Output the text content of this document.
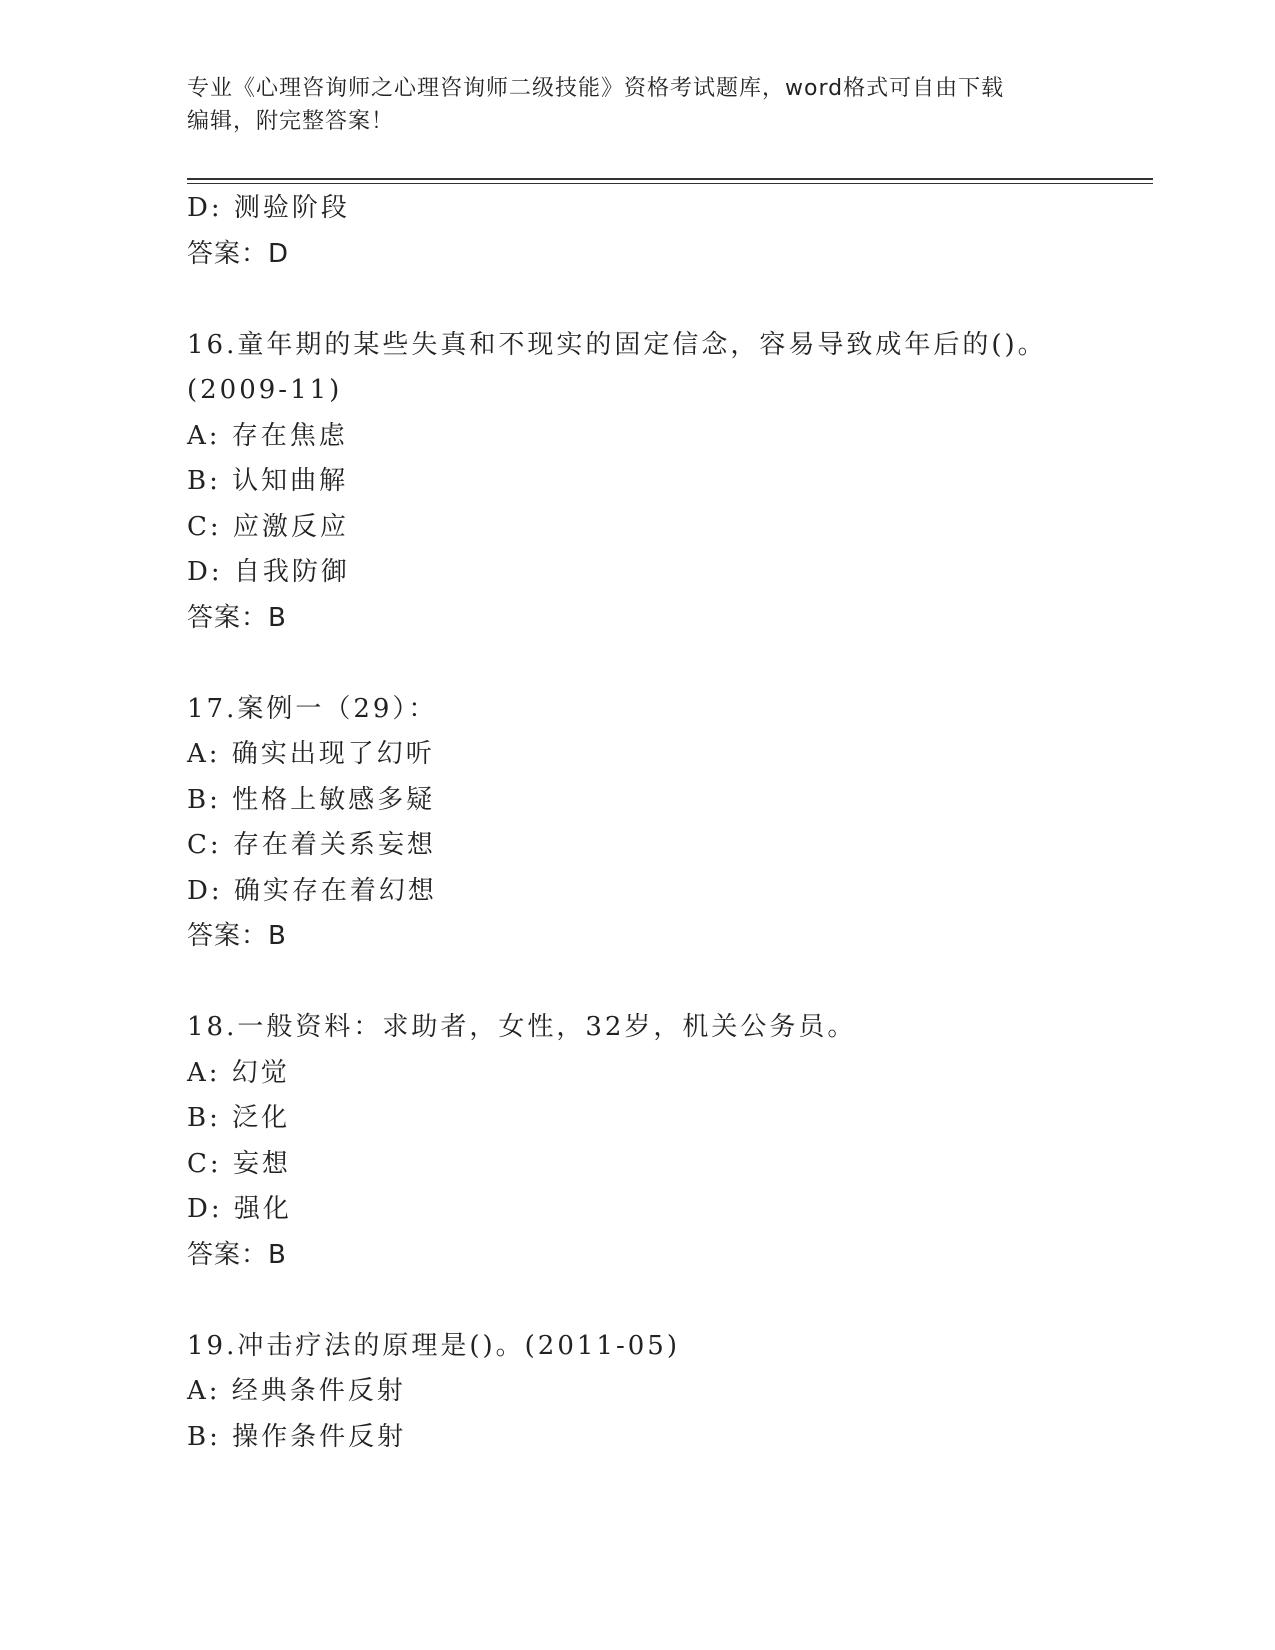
专业《心理咨询师之心理咨询师二级技能》资格考试题库，word格式可自由下载
编辑，附完整答案！
D: 测验阶段
答案：D
16.童年期的某些失真和不现实的固定信念，容易导致成年后的()。
(2009-11)
A: 存在焦虑
B: 认知曲解
C: 应激反应
D: 自我防御
答案：B
17.案例一（29）：
A: 确实出现了幻听
B: 性格上敏感多疑
C: 存在着关系妄想
D: 确实存在着幻想
答案：B
18.一般资料：求助者，女性，32岁，机关公务员。
A: 幻觉
B: 泛化
C: 妄想
D: 强化
答案：B
19.冲击疗法的原理是()。(2011-05)
A: 经典条件反射
B: 操作条件反射
